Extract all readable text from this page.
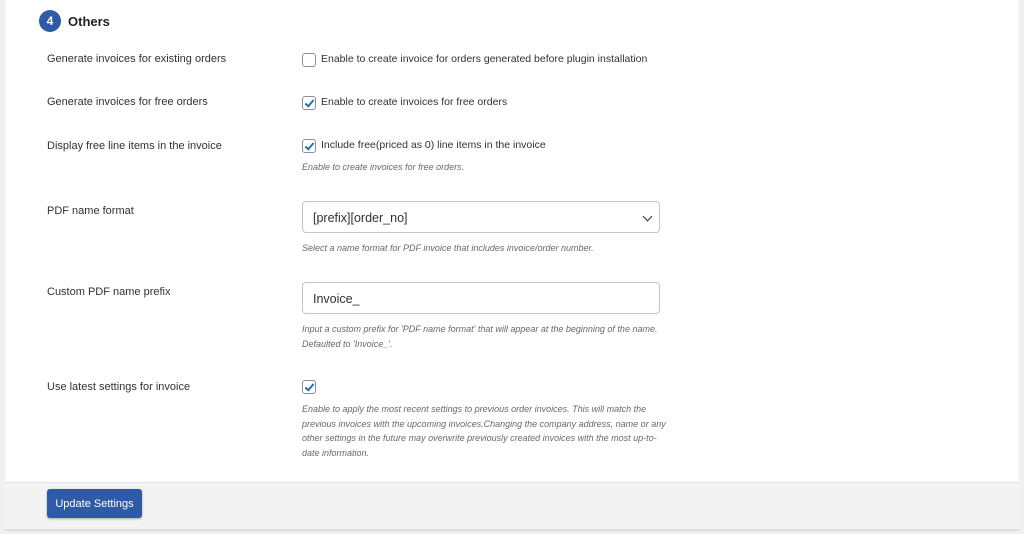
4	Others
Generate invoices for existing orders	Enable to create invoice for orders generated before plugin installation
Generate invoices for free orders	Enable to create invoices for free orders
Display free line items in the invoice	Include free(priced as 0) line items in the invoice
Enable to create invoices for free orders.
PDF name format	[prefix][order_no]
Select a name format for PDF invoice that includes invoice/order number.
Custom PDF name prefix	Invoice_
Input a custom prefix for 'PDF name format' that will appear at the beginning of the name. Defaulted to 'Invoice_'.
Use latest settings for invoice
Enable to apply the most recent settings to previous order invoices. This will match the previous invoices with the upcoming invoices.Changing the company address, name or any other settings in the future may overwrite previously created invoices with the most up-to-date information.
Update Settings
